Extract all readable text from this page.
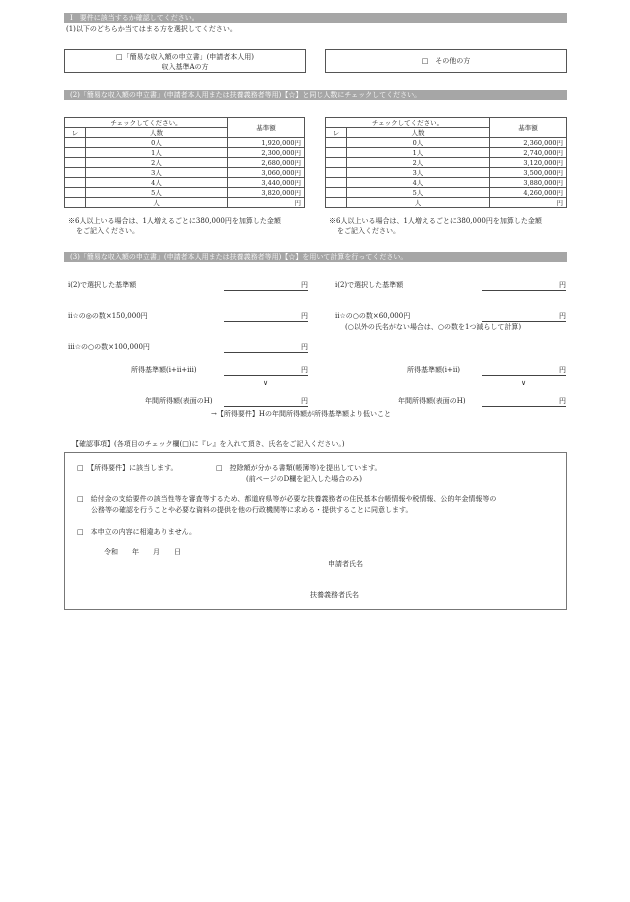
Ⅰ　要件に該当するか確認してください。
(1)以下のどちらか当てはまる方を選択してください。
□「簡易な収入額の申立書」(申請者本人用)
収入基準Aの方
□　その他の方
(2)「簡易な収入額の申立書」(申請者本人用または扶養義務者等用)【☆】と同じ人数にチェックしてください。
チェックしてください。		基準額
レ	人数	
	0人	1,920,000円
	1人	2,300,000円
	2人	2,680,000円
	3人	3,060,000円
	4人	3,440,000円
	5人	3,820,000円
	人	円
チェックしてください。		基準額
レ	人数	
	0人	2,360,000円
	1人	2,740,000円
	2人	3,120,000円
	3人	3,500,000円
	4人	3,880,000円
	5人	4,260,000円
	人	円
※6人以上いる場合は、1人増えるごとに380,000円を加算した金額
をご記入ください。
※6人以上いる場合は、1人増えるごとに380,000円を加算した金額
をご記入ください。
(3)「簡易な収入額の申立書」(申請者本人用または扶養義務者等用)【☆】を用いて計算を行ってください。
i(2)で選択した基準額	円	i(2)で選択した基準額	円
ii☆の◎の数×150,000円	円	ii☆の○の数×60,000円	円
(○以外の氏名がない場合は、○の数を1つ減らして計算)
iii☆の○の数×100,000円	円
所得基準額(i+ii+iii)	円	所得基準額(i+ii)	円
∨	∨
年間所得額(表面のH)	円	年間所得額(表面のH)	円
→【所得要件】Hの年間所得額が所得基準額より低いこと
【確認事項】(各項目のチェック欄(□)に『レ』を入れて頂き、氏名をご記入ください。)
□　【所得要件】に該当します。	□　控除額が分かる書類(帳簿等)を提出しています。
(前ページのD欄を記入した場合のみ)
□　給付金の支給要件の該当性等を審査等するため、都道府県等が必要な扶養義務者の住民基本台帳情報や税情報、公的年金情報等の
公務等の確認を行うことや必要な資料の提供を他の行政機関等に求める・提供することに同意します。
□　本申立の内容に相違ありません。
令和　　年　　月　　日
申請者氏名
扶養義務者氏名
